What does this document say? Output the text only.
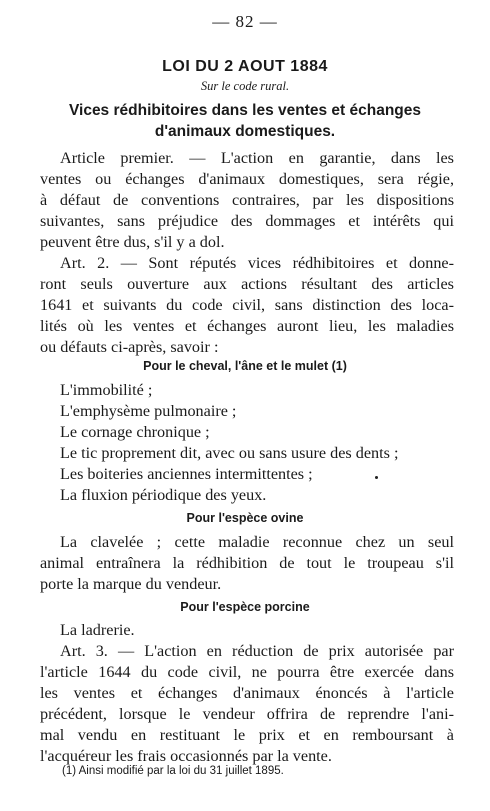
— 82 —
LOI DU 2 AOUT 1884
Sur le code rural.
Vices rédhibitoires dans les ventes et échanges
d'animaux domestiques.
Article premier. — L'action en garantie, dans les
ventes ou échanges d'animaux domestiques, sera régie,
à défaut de conventions contraires, par les dispositions
suivantes, sans préjudice des dommages et intérêts qui
peuvent être dus, s'il y a dol.
Art. 2. — Sont réputés vices rédhibitoires et donne-
ront seuls ouverture aux actions résultant des articles
1641 et suivants du code civil, sans distinction des loca-
lités où les ventes et échanges auront lieu, les maladies
ou défauts ci-après, savoir :
Pour le cheval, l'âne et le mulet (1)
L'immobilité ;
L'emphysème pulmonaire ;
Le cornage chronique ;
Le tic proprement dit, avec ou sans usure des dents ;
Les boiteries anciennes intermittentes ;
La fluxion périodique des yeux.
Pour l'espèce ovine
La clavelée ; cette maladie reconnue chez un seul
animal entraînera la rédhibition de tout le troupeau s'il
porte la marque du vendeur.
Pour l'espèce porcine
La ladrerie.
Art. 3. — L'action en réduction de prix autorisée par
l'article 1644 du code civil, ne pourra être exercée dans
les ventes et échanges d'animaux énoncés à l'article
précédent, lorsque le vendeur offrira de reprendre l'ani-
mal vendu en restituant le prix et en remboursant à
l'acquéreur les frais occasionnés par la vente.
(1) Ainsi modifié par la loi du 31 juillet 1895.
